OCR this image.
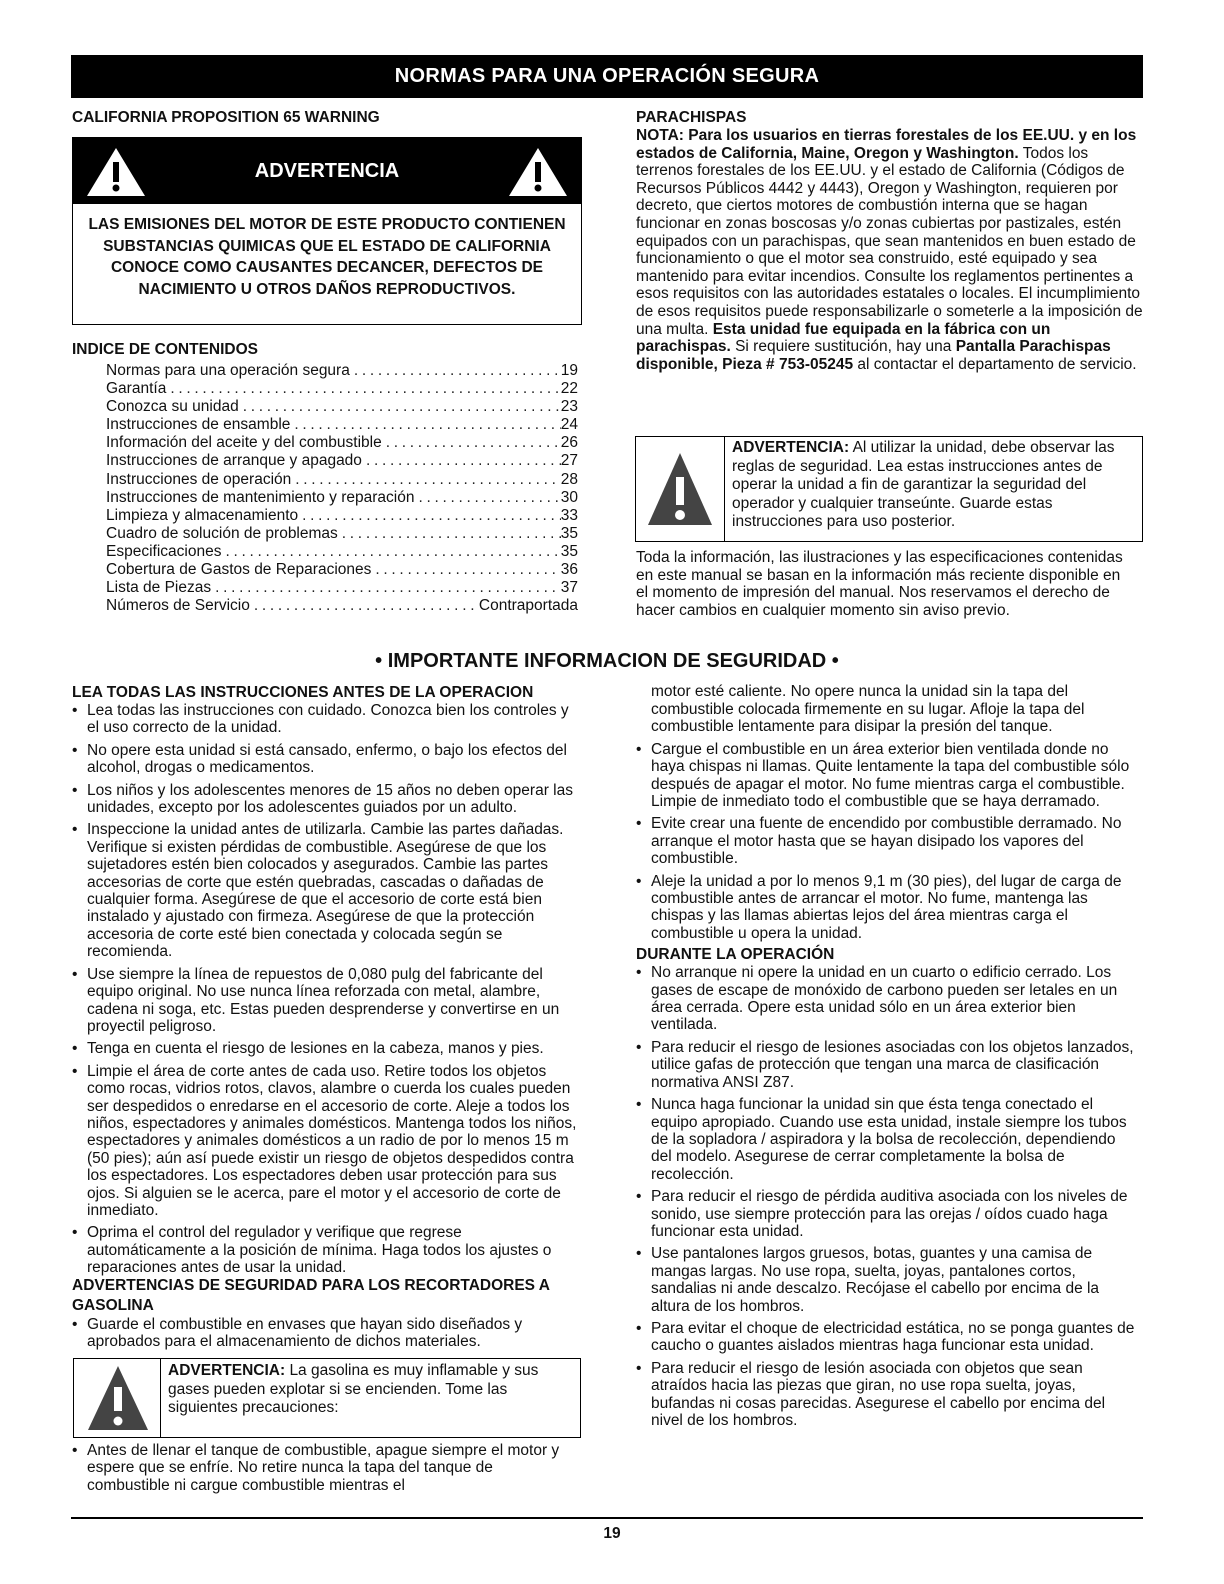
NORMAS PARA UNA OPERACIÓN SEGURA
CALIFORNIA PROPOSITION 65 WARNING
ADVERTENCIA
LAS EMISIONES DEL MOTOR DE ESTE PRODUCTO CONTIENEN SUBSTANCIAS QUIMICAS QUE EL ESTADO DE CALIFORNIA CONOCE COMO CAUSANTES DECANCER, DEFECTOS DE NACIMIENTO U OTROS DAÑOS REPRODUCTIVOS.
INDICE DE CONTENIDOS
Normas para una operación segura . . .	19
Garantía . . .	22
Conozca su unidad . . .	23
Instrucciones de ensamble . . .	24
Información del aceite y del combustible . . .	26
Instrucciones de arranque y apagado . . .	27
Instrucciones de operación . . .	28
Instrucciones de mantenimiento y reparación . . .	30
Limpieza y almacenamiento . . .	33
Cuadro de solución de problemas . . .	35
Especificaciones . . .	35
Cobertura de Gastos de Reparaciones . . .	36
Lista de Piezas . . .	37
Números de Servicio . . .	Contraportada
PARACHISPAS
NOTA: Para los usuarios en tierras forestales de los EE.UU. y en los estados de California, Maine, Oregon y Washington. Todos los terrenos forestales de los EE.UU. y el estado de California (Códigos de Recursos Públicos 4442 y 4443), Oregon y Washington, requieren por decreto, que ciertos motores de combustión interna que se hagan funcionar en zonas boscosas y/o zonas cubiertas por pastizales, estén equipados con un parachispas, que sean mantenidos en buen estado de funcionamiento o que el motor sea construido, esté equipado y sea mantenido para evitar incendios. Consulte los reglamentos pertinentes a esos requisitos con las autoridades estatales o locales. El incumplimiento de esos requisitos puede responsabilizarle o someterle a la imposición de una multa. Esta unidad fue equipada en la fábrica con un parachispas. Si requiere sustitución, hay una Pantalla Parachispas disponible, Pieza # 753-05245 al contactar el departamento de servicio.
ADVERTENCIA: Al utilizar la unidad, debe observar las reglas de seguridad. Lea estas instrucciones antes de operar la unidad a fin de garantizar la seguridad del operador y cualquier transeúnte. Guarde estas instrucciones para uso posterior.
Toda la información, las ilustraciones y las especificaciones contenidas en este manual se basan en la información más reciente disponible en el momento de impresión del manual. Nos reservamos el derecho de hacer cambios en cualquier momento sin aviso previo.
• IMPORTANTE INFORMACION DE SEGURIDAD •
LEA TODAS LAS INSTRUCCIONES ANTES DE LA OPERACION
• Lea todas las instrucciones con cuidado. Conozca bien los controles y el uso correcto de la unidad.
• No opere esta unidad si está cansado, enfermo, o bajo los efectos del alcohol, drogas o medicamentos.
• Los niños y los adolescentes menores de 15 años no deben operar las unidades, excepto por los adolescentes guiados por un adulto.
• Inspeccione la unidad antes de utilizarla. Cambie las partes dañadas. Verifique si existen pérdidas de combustible. Asegúrese de que los sujetadores estén bien colocados y asegurados. Cambie las partes accesorias de corte que estén quebradas, cascadas o dañadas de cualquier forma. Asegúrese de que el accesorio de corte está bien instalado y ajustado con firmeza. Asegúrese de que la protección accesoria de corte esté bien conectada y colocada según se recomienda.
• Use siempre la línea de repuestos de 0,080 pulg del fabricante del equipo original. No use nunca línea reforzada con metal, alambre, cadena ni soga, etc. Estas pueden desprenderse y convertirse en un proyectil peligroso.
• Tenga en cuenta el riesgo de lesiones en la cabeza, manos y pies.
• Limpie el área de corte antes de cada uso. Retire todos los objetos como rocas, vidrios rotos, clavos, alambre o cuerda los cuales pueden ser despedidos o enredarse en el accesorio de corte. Aleje a todos los niños, espectadores y animales domésticos. Mantenga todos los niños, espectadores y animales domésticos a un radio de por lo menos 15 m (50 pies); aún así puede existir un riesgo de objetos despedidos contra los espectadores. Los espectadores deben usar protección para sus ojos. Si alguien se le acerca, pare el motor y el accesorio de corte de inmediato.
• Oprima el control del regulador y verifique que regrese automáticamente a la posición de mínima. Haga todos los ajustes o reparaciones antes de usar la unidad.
ADVERTENCIAS DE SEGURIDAD PARA LOS RECORTADORES A GASOLINA
• Guarde el combustible en envases que hayan sido diseñados y aprobados para el almacenamiento de dichos materiales.
ADVERTENCIA: La gasolina es muy inflamable y sus gases pueden explotar si se encienden. Tome las siguientes precauciones:
• Antes de llenar el tanque de combustible, apague siempre el motor y espere que se enfríe. No retire nunca la tapa del tanque de combustible ni cargue combustible mientras el
motor esté caliente. No opere nunca la unidad sin la tapa del combustible colocada firmemente en su lugar. Afloje la tapa del combustible lentamente para disipar la presión del tanque.
• Cargue el combustible en un área exterior bien ventilada donde no haya chispas ni llamas. Quite lentamente la tapa del combustible sólo después de apagar el motor. No fume mientras carga el combustible. Limpie de inmediato todo el combustible que se haya derramado.
• Evite crear una fuente de encendido por combustible derramado. No arranque el motor hasta que se hayan disipado los vapores del combustible.
• Aleje la unidad a por lo menos 9,1 m (30 pies), del lugar de carga de combustible antes de arrancar el motor. No fume, mantenga las chispas y las llamas abiertas lejos del área mientras carga el combustible u opera la unidad.
DURANTE LA OPERACIÓN
• No arranque ni opere la unidad en un cuarto o edificio cerrado. Los gases de escape de monóxido de carbono pueden ser letales en un área cerrada. Opere esta unidad sólo en un área exterior bien ventilada.
• Para reducir el riesgo de lesiones asociadas con los objetos lanzados, utilice gafas de protección que tengan una marca de clasificación normativa ANSI Z87.
• Nunca haga funcionar la unidad sin que ésta tenga conectado el equipo apropiado. Cuando use esta unidad, instale siempre los tubos de la sopladora / aspiradora y la bolsa de recolección, dependiendo del modelo. Asegurese de cerrar completamente la bolsa de recolección.
• Para reducir el riesgo de pérdida auditiva asociada con los niveles de sonido, use siempre protección para las orejas / oídos cuado haga funcionar esta unidad.
• Use pantalones largos gruesos, botas, guantes y una camisa de mangas largas. No use ropa, suelta, joyas, pantalones cortos, sandalias ni ande descalzo. Recójase el cabello por encima de la altura de los hombros.
• Para evitar el choque de electricidad estática, no se ponga guantes de caucho o guantes aislados mientras haga funcionar esta unidad.
• Para reducir el riesgo de lesión asociada con objetos que sean atraídos hacia las piezas que giran, no use ropa suelta, joyas, bufandas ni cosas parecidas. Asegurese el cabello por encima del nivel de los hombros.
19
